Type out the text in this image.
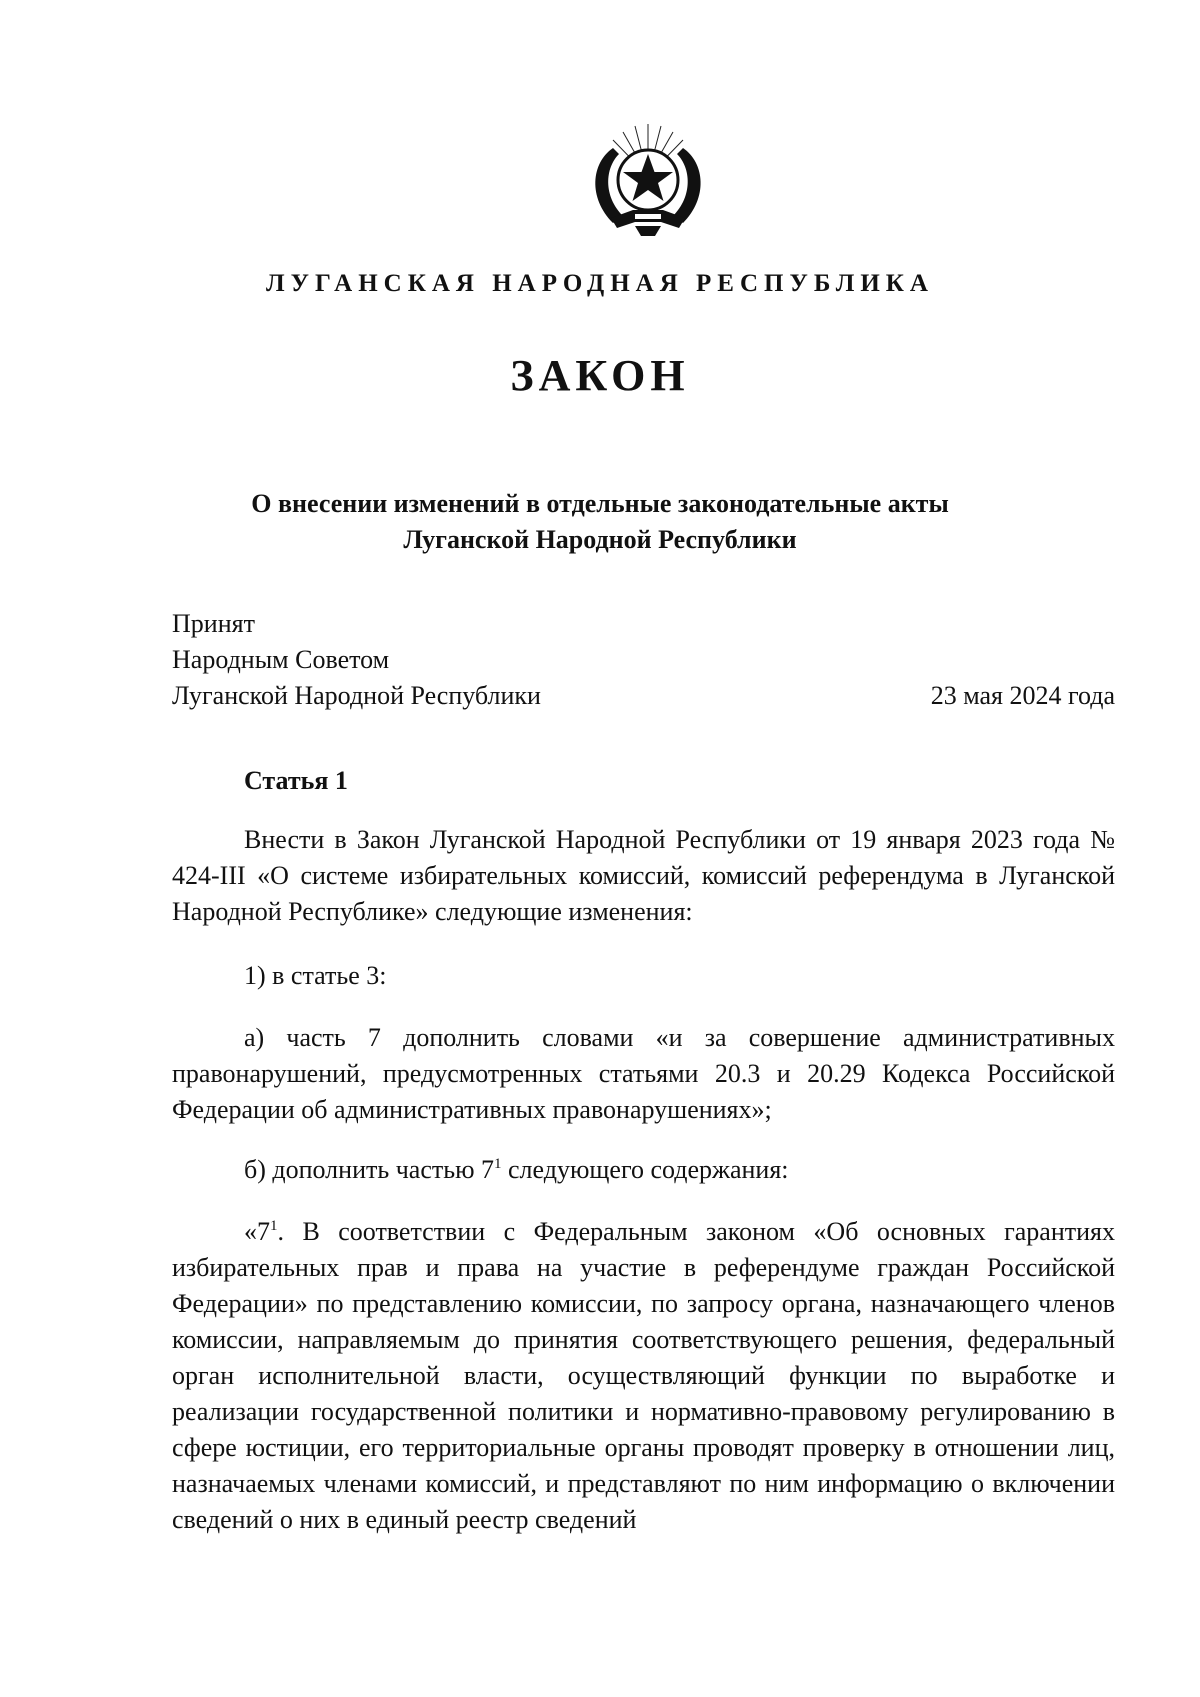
ЛУГАНСКАЯ НАРОДНАЯ РЕСПУБЛИКА
ЗАКОН
О внесении изменений в отдельные законодательные акты
Луганской Народной Республики
Принят
Народным Советом
Луганской Народной Республики	23 мая 2024 года
Статья 1

Внести в Закон Луганской Народной Республики от 19 января 2023 года № 424-III «О системе избирательных комиссий, комиссий референдума в Луганской Народной Республике» следующие изменения:

1) в статье 3:

а) часть 7 дополнить словами «и за совершение административных правонарушений, предусмотренных статьями 20.3 и 20.29 Кодекса Российской Федерации об административных правонарушениях»;

б) дополнить частью $7^1$ следующего содержания:

«$7^1$. В соответствии с Федеральным законом «Об основных гарантиях избирательных прав и права на участие в референдуме граждан Российской Федерации» по представлению комиссии, по запросу органа, назначающего членов комиссии, направляемым до принятия соответствующего решения, федеральный орган исполнительной власти, осуществляющий функции по выработке и реализации государственной политики и нормативно-правовому регулированию в сфере юстиции, его территориальные органы проводят проверку в отношении лиц, назначаемых членами комиссий, и представляют по ним информацию о включении сведений о них в единый реестр сведений
